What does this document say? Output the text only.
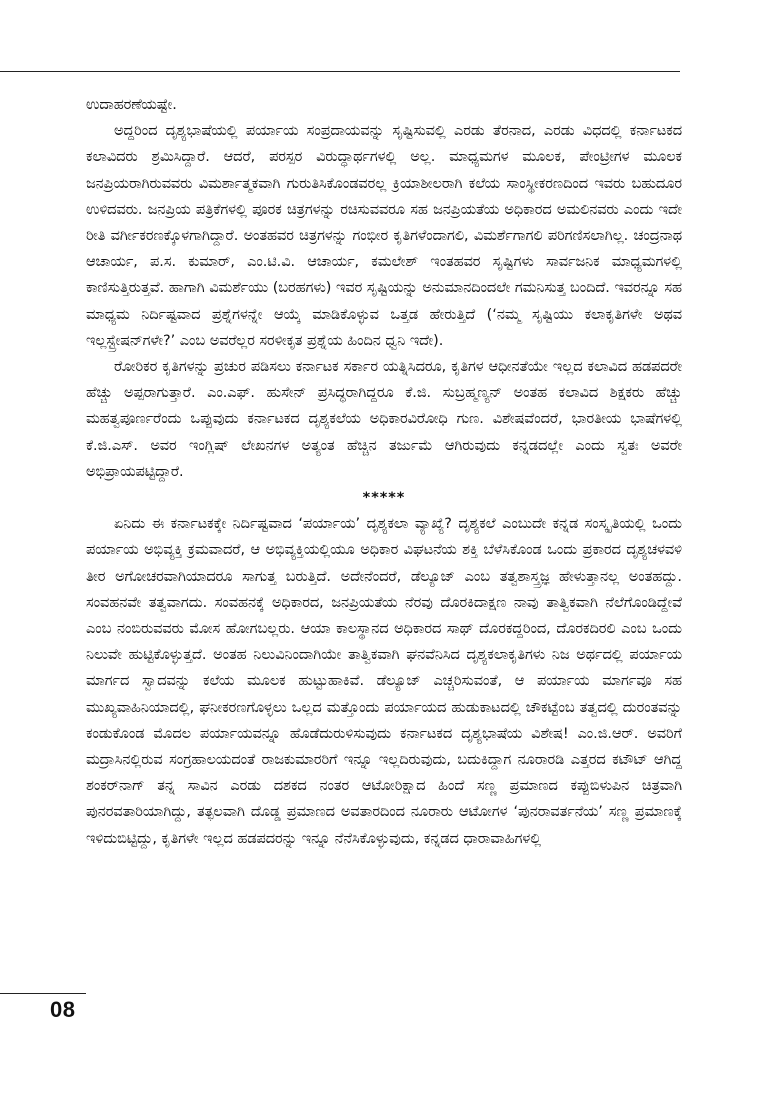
ಉದಾಹರಣೆಯಷ್ಟೇ.

ಅದ್ದರಿಂದ ದೃಶ್ಯಭಾಷೆಯಲ್ಲಿ ಪರ್ಯಾಯ ಸಂಪ್ರದಾಯವನ್ನು ಸೃಷ್ಟಿಸುವಲ್ಲಿ ಎರಡು ತೆರನಾದ, ಎರಡು ವಿಧದಲ್ಲಿ ಕರ್ನಾಟಕದ ಕಲಾವಿದರು ಶ್ರಮಿಸಿದ್ದಾರೆ. ಆದರೆ, ಪರಸ್ಪರ ವಿರುದ್ಧಾರ್ಥಗಳಲ್ಲಿ ಅಲ್ಲ. ಮಾಧ್ಯಮಗಳ ಮೂಲಕ, ಪೇಂಟ್ರೀಗಳ ಮೂಲಕ ಜನಪ್ರಿಯರಾಗಿರುವವರು ವಿಮರ್ಶಾತ್ಮಕವಾಗಿ ಗುರುತಿಸಿಕೊಂಡವರಲ್ಲ ಕ್ರಿಯಾಶೀಲರಾಗಿ ಕಲೆಯ ಸಾಂಸ್ಥೀಕರಣದಿಂದ ಇವರು ಬಹುದೂರ ಉಳಿದವರು. ಜನಪ್ರಿಯ ಪತ್ರಿಕೆಗಳಲ್ಲಿ ಪೂರಕ ಚಿತ್ರಗಳನ್ನು ರಚಿಸುವವರೂ ಸಹ ಜನಪ್ರಿಯತೆಯ ಅಧಿಕಾರದ ಅಮಲಿನವರು ಎಂದು ಇದೇ ರೀತಿ ವರ್ಗೀಕರಣಕ್ಕೊಳಗಾಗಿದ್ದಾರೆ. ಅಂತಹವರ ಚಿತ್ರಗಳನ್ನು ಗಂಭೀರ ಕೃತಿಗಳೆಂದಾಗಲಿ, ವಿಮರ್ಶೆಗಾಗಲಿ ಪರಿಗಣಿಸಲಾಗಿಲ್ಲ. ಚಂದ್ರನಾಥ ಆಚಾರ್ಯ, ಪ.ಸ. ಕುಮಾರ್, ಎಂ.ಟಿ.ವಿ. ಆಚಾರ್ಯ, ಕಮಲೇಶ್ ಇಂತಹವರ ಸೃಷ್ಟಿಗಳು ಸಾರ್ವಜನಿಕ ಮಾಧ್ಯಮಗಳಲ್ಲಿ ಕಾಣಿಸುತ್ತಿರುತ್ತವೆ. ಹಾಗಾಗಿ ವಿಮರ್ಶೆಯು (ಬರಹಗಳು) ಇವರ ಸೃಷ್ಟಿಯನ್ನು ಅನುಮಾನದಿಂದಲೇ ಗಮನಿಸುತ್ತ ಬಂದಿದೆ. ಇವರನ್ನೂ ಸಹ ಮಾಧ್ಯಮ ನಿರ್ದಿಷ್ಟವಾದ ಪ್ರಶ್ನೆಗಳನ್ನೇ ಆಯ್ಕೆ ಮಾಡಿಕೊಳ್ಳುವ ಒತ್ತಡ ಹೇರುತ್ತಿದೆ (‘ನಮ್ಮ ಸೃಷ್ಟಿಯು ಕಲಾಕೃತಿಗಳೇ ಅಥವ ಇಲ್ಲಸ್ಟ್ರೇಷನ್‌ಗಳೇ?’ ಎಂಬ ಅವರೆಲ್ಲರ ಸರಳೀಕೃತ ಪ್ರಶ್ನೆಯ ಹಿಂದಿನ ಧ್ವನಿ ಇದೇ).

ರೋರಿಕರ ಕೃತಿಗಳನ್ನು ಪ್ರಚುರ ಪಡಿಸಲು ಕರ್ನಾಟಕ ಸರ್ಕಾರ ಯತ್ನಿಸಿದರೂ, ಕೃತಿಗಳ ಆಧೀನತೆಯೇ ಇಲ್ಲದ ಕಲಾವಿದ ಹಡಪದರೇ ಹೆಚ್ಚು ಅಪ್ಪರಾಗುತ್ತಾರೆ. ಎಂ.ಎಫ್. ಹುಸೇನ್ ಪ್ರಸಿದ್ಧರಾಗಿದ್ದರೂ ಕೆ.ಜಿ. ಸುಬ್ರಹ್ಮಣ್ಯನ್ ಅಂತಹ ಕಲಾವಿದ ಶಿಕ್ಷಕರು ಹೆಚ್ಚು ಮಹತ್ವಪೂರ್ಣರೆಂದು ಒಪ್ಪುವುದು ಕರ್ನಾಟಕದ ದೃಶ್ಯಕಲೆಯ ಅಧಿಕಾರವಿರೋಧಿ ಗುಣ. ವಿಶೇಷವೆಂದರೆ, ಭಾರತೀಯ ಭಾಷೆಗಳಲ್ಲಿ ಕೆ.ಜಿ.ಎಸ್. ಅವರ ಇಂಗ್ಲಿಷ್ ಲೇಖನಗಳ ಅತ್ಯಂತ ಹೆಚ್ಚಿನ ತರ್ಜುಮೆ ಆಗಿರುವುದು ಕನ್ನಡದಲ್ಲೇ ಎಂದು ಸ್ವತಃ ಅವರೇ ಅಭಿಪ್ರಾಯಪಟ್ಟಿದ್ದಾರೆ.

*****

ಏನಿದು ಈ ಕರ್ನಾಟಕಕ್ಕೇ ನಿರ್ದಿಷ್ಟವಾದ ‘ಪರ್ಯಾಯ’ ದೃಶ್ಯಕಲಾ ವ್ಯಾಖ್ಯೆ? ದೃಶ್ಯಕಲೆ ಎಂಬುದೇ ಕನ್ನಡ ಸಂಸ್ಕೃತಿಯಲ್ಲಿ ಒಂದು ಪರ್ಯಾಯ ಅಭಿವ್ಯಕ್ತಿ ಕ್ರಮವಾದರೆ, ಆ ಅಭಿವ್ಯಕ್ತಿಯಲ್ಲಿಯೂ ಅಧಿಕಾರ ವಿಘಟನೆಯ ಶಕ್ತಿ ಬೆಳೆಸಿಕೊಂಡ ಒಂದು ಪ್ರಕಾರದ ದೃಶ್ಯಚಳವಳಿ ತೀರ ಅಗೋಚರವಾಗಿಯಾದರೂ ಸಾಗುತ್ತ ಬರುತ್ತಿದೆ. ಅದೇನೆಂದರೆ, ಡೆಲ್ಯೂಜ್ ಎಂಬ ತತ್ವಶಾಸ್ತ್ರಜ್ಞ ಹೇಳುತ್ತಾನಲ್ಲ ಅಂತಹದ್ದು. ಸಂವಹನವೇ ತತ್ವವಾಗದು. ಸಂವಹನಕ್ಕೆ ಅಧಿಕಾರದ, ಜನಪ್ರಿಯತೆಯ ನೆರವು ದೊರಕಿದಾಕ್ಷಣ ನಾವು ತಾತ್ವಿಕವಾಗಿ ನೆಲೆಗೊಂಡಿದ್ದೇವೆ ಎಂಬ ನಂಬಿರುವವರು ಮೋಸ ಹೋಗಬಲ್ಲರು. ಆಯಾ ಕಾಲಸ್ಥಾನದ ಅಧಿಕಾರದ ಸಾಥ್ ದೊರಕದ್ದರಿಂದ, ದೊರಕದಿರಲಿ ಎಂಬ ಒಂದು ನಿಲುವೇ ಹುಟ್ಟಿಕೊಳ್ಳುತ್ತದೆ. ಅಂತಹ ನಿಲುವಿನಿಂದಾಗಿಯೇ ತಾತ್ವಿಕವಾಗಿ ಘನವೆನಿಸಿದ ದೃಶ್ಯಕಲಾಕೃತಿಗಳು ನಿಜ ಅರ್ಥದಲ್ಲಿ ಪರ್ಯಾಯ ಮಾರ್ಗದ ಸ್ವಾದವನ್ನು ಕಲೆಯ ಮೂಲಕ ಹುಟ್ಟುಹಾಕಿವೆ. ಡೆಲ್ಯೂಜ್ ಎಚ್ಚರಿಸುವಂತೆ, ಆ ಪರ್ಯಾಯ ಮಾರ್ಗವೂ ಸಹ ಮುಖ್ಯವಾಹಿನಿಯಾದಲ್ಲಿ, ಘನೀಕರಣಗೊಳ್ಳಲು ಒಲ್ಲದ ಮತ್ತೊಂದು ಪರ್ಯಾಯದ ಹುಡುಕಾಟದಲ್ಲಿ ಚೌಕಟ್ಟೆಂಬ ತತ್ವದಲ್ಲಿ ದುರಂತವನ್ನು ಕಂಡುಕೊಂಡ ಮೊದಲ ಪರ್ಯಾಯವನ್ನೂ ಹೊಡೆದುರುಳಿಸುವುದು ಕರ್ನಾಟಕದ ದೃಶ್ಯಭಾಷೆಯ ವಿಶೇಷ! ಎಂ.ಜಿ.ಆರ್. ಅವರಿಗೆ ಮದ್ರಾಸಿನಲ್ಲಿರುವ ಸಂಗ್ರಹಾಲಯದಂತೆ ರಾಜಕುಮಾರರಿಗೆ ಇನ್ನೂ ಇಲ್ಲದಿರುವುದು, ಬದುಕಿದ್ದಾಗ ನೂರಾರಡಿ ಎತ್ತರದ ಕಟೌಟ್ ಆಗಿದ್ದ ಶಂಕರ್‌ನಾಗ್ ತನ್ನ ಸಾವಿನ ಎರಡು ದಶಕದ ನಂತರ ಆಟೋರಿಕ್ಷಾದ ಹಿಂದೆ ಸಣ್ಣ ಪ್ರಮಾಣದ ಕಪ್ಪುಬಿಳುಪಿನ ಚಿತ್ರವಾಗಿ ಪುನರವತಾರಿಯಾಗಿದ್ದು, ತತ್ಫಲವಾಗಿ ದೊಡ್ಡ ಪ್ರಮಾಣದ ಅವತಾರದಿಂದ ನೂರಾರು ಆಟೋಗಳ ‘ಪುನರಾವರ್ತನೆಯ’ ಸಣ್ಣ ಪ್ರಮಾಣಕ್ಕೆ ಇಳಿದುಬಿಟ್ಟಿದ್ದು, ಕೃತಿಗಳೇ ಇಲ್ಲದ ಹಡಪದರನ್ನು ಇನ್ನೂ ನೆನೆಸಿಕೊಳ್ಳುವುದು, ಕನ್ನಡದ ಧಾರಾವಾಹಿಗಳಲ್ಲಿ

08
